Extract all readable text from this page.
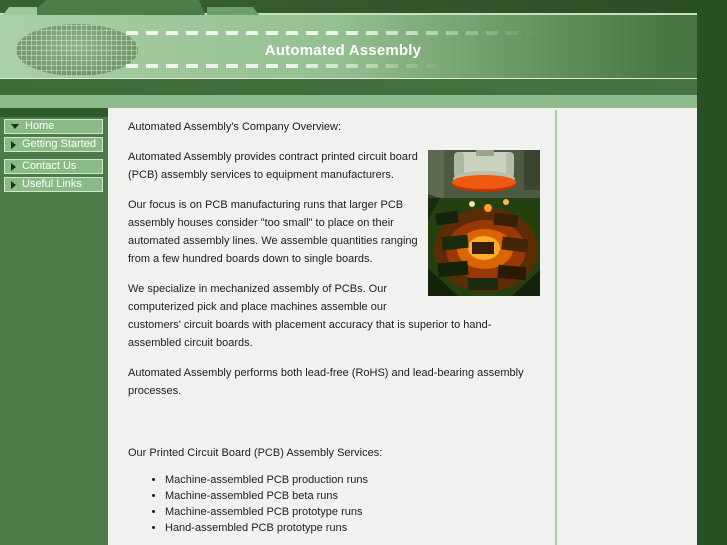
Automated Assembly
Home
Getting Started
Contact Us
Useful Links
Automated Assembly's Company Overview:

Automated Assembly provides contract printed circuit board (PCB) assembly services to equipment manufacturers.

Our focus is on PCB manufacturing runs that larger PCB assembly houses consider "too small" to place on their automated assembly lines. We assemble quantities ranging from a few hundred boards down to single boards.

We specialize in mechanized assembly of PCBs. Our computerized pick and place machines assemble our customers' circuit boards with placement accuracy that is superior to hand-assembled circuit boards.

Automated Assembly performs both lead-free (RoHS) and lead-bearing assembly processes.

Our Printed Circuit Board (PCB) Assembly Services:
• Machine-assembled PCB production runs
• Machine-assembled PCB beta runs
• Machine-assembled PCB prototype runs
• Hand-assembled PCB prototype runs
